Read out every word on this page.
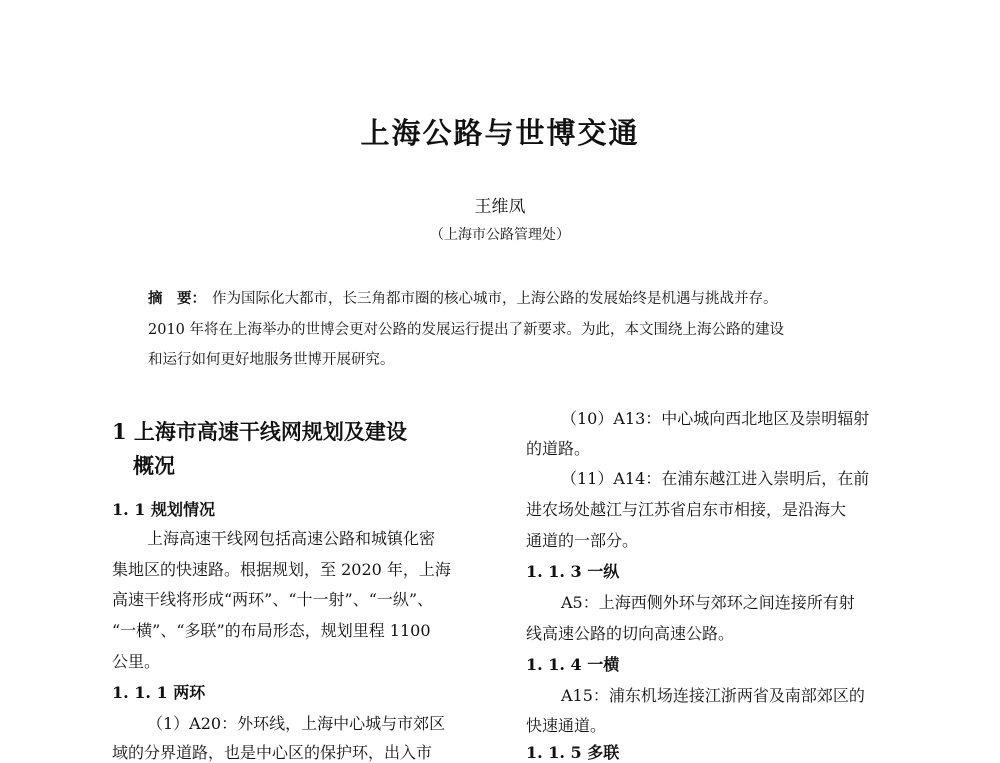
上海公路与世博交通
王维凤
（上海市公路管理处）
摘　要： 作为国际化大都市，长三角都市圈的核心城市，上海公路的发展始终是机遇与挑战并存。
2010 年将在上海举办的世博会更对公路的发展运行提出了新要求。为此，本文围绕上海公路的建设
和运行如何更好地服务世博开展研究。
1 上海市高速干线网规划及建设
概况
1. 1 规划情况
上海高速干线网包括高速公路和城镇化密
集地区的快速路。根据规划，至 2020 年，上海
高速干线将形成“两环”、“十一射”、“一纵”、
“一横”、“多联”的布局形态，规划里程 1100
公里。
1. 1. 1 两环
（1）A20：外环线，上海中心城与市郊区
域的分界道路，也是中心区的保护环，出入市
（10）A13：中心城向西北地区及崇明辐射
的道路。
（11）A14：在浦东越江进入崇明后，在前
进农场处越江与江苏省启东市相接，是沿海大
通道的一部分。
1. 1. 3 一纵
A5：上海西侧外环与郊环之间连接所有射
线高速公路的切向高速公路。
1. 1. 4 一横
A15：浦东机场连接江浙两省及南部郊区的
快速通道。
1. 1. 5 多联
